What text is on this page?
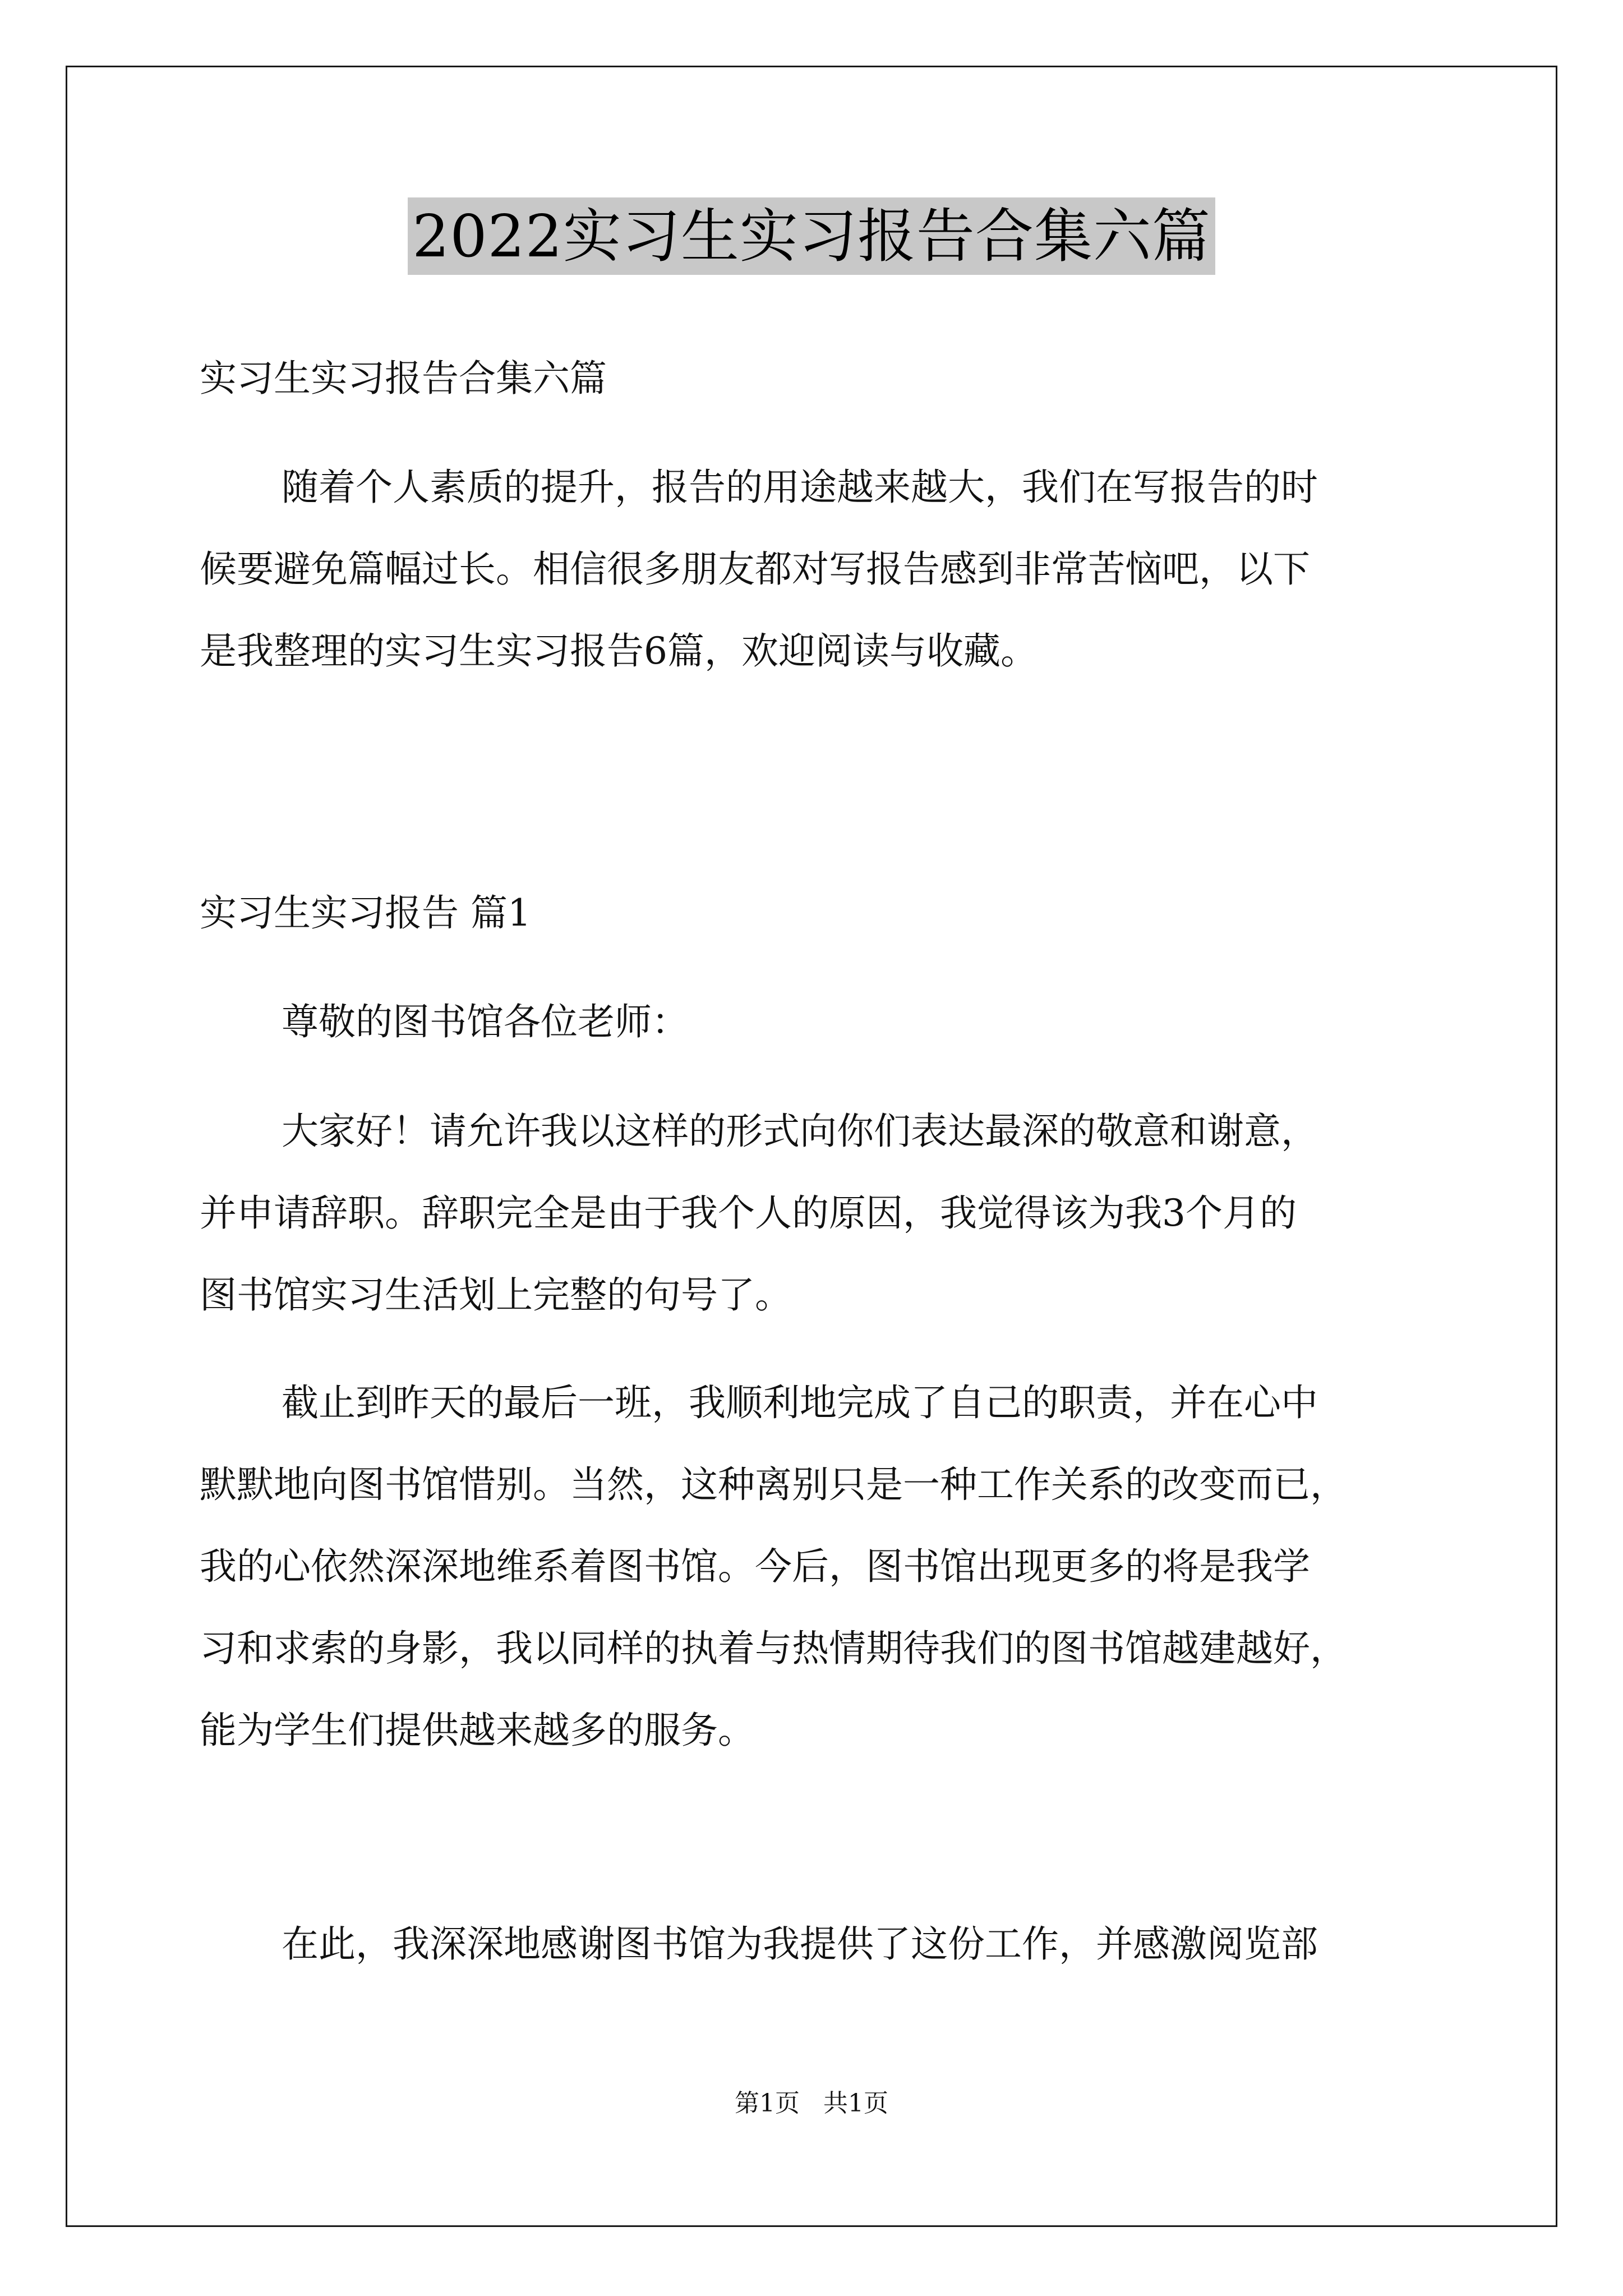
2022实习生实习报告合集六篇

实习生实习报告合集六篇

随着个人素质的提升，报告的用途越来越大，我们在写报告的时
候要避免篇幅过长。相信很多朋友都对写报告感到非常苦恼吧，以下
是我整理的实习生实习报告6篇，欢迎阅读与收藏。

实习生实习报告 篇1

尊敬的图书馆各位老师：

大家好！请允许我以这样的形式向你们表达最深的敬意和谢意，
并申请辞职。辞职完全是由于我个人的原因，我觉得该为我3个月的
图书馆实习生活划上完整的句号了。

截止到昨天的最后一班，我顺利地完成了自己的职责，并在心中
默默地向图书馆惜别。当然，这种离别只是一种工作关系的改变而已，
我的心依然深深地维系着图书馆。今后，图书馆出现更多的将是我学
习和求索的身影，我以同样的执着与热情期待我们的图书馆越建越好，
能为学生们提供越来越多的服务。

在此，我深深地感谢图书馆为我提供了这份工作，并感激阅览部

第1页 共1页
